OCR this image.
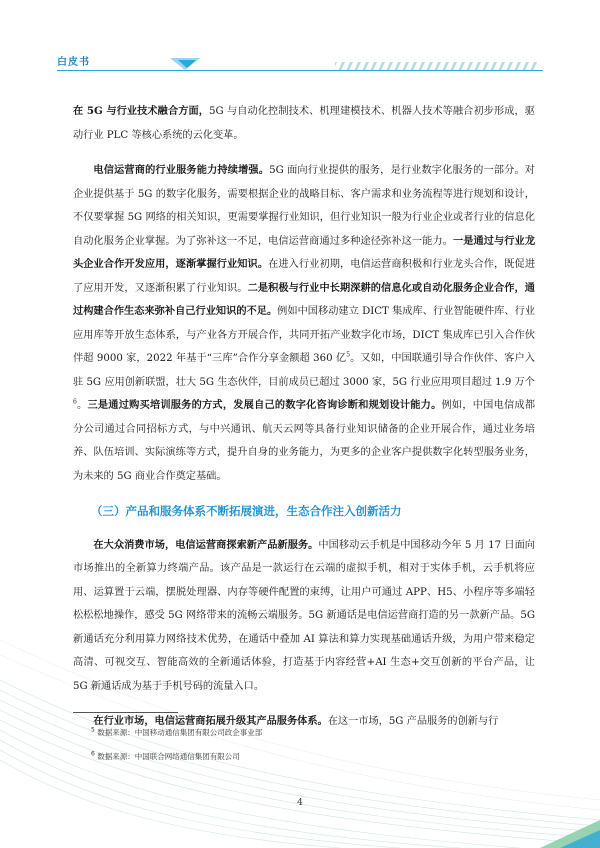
白皮书

在 5G 与行业技术融合方面，5G 与自动化控制技术、机理建模技术、机器人技术等融合初步形成，驱动行业 PLC 等核心系统的云化变革。

电信运营商的行业服务能力持续增强。5G 面向行业提供的服务，是行业数字化服务的一部分。对企业提供基于 5G 的数字化服务，需要根据企业的战略目标、客户需求和业务流程等进行规划和设计，不仅要掌握 5G 网络的相关知识，更需要掌握行业知识，但行业知识一般为行业企业或者行业的信息化自动化服务企业掌握。为了弥补这一不足，电信运营商通过多种途径弥补这一能力。一是通过与行业龙头企业合作开发应用，逐渐掌握行业知识。在进入行业初期，电信运营商积极和行业龙头合作，既促进了应用开发，又逐渐积累了行业知识。二是积极与行业中长期深耕的信息化或自动化服务企业合作，通过构建合作生态来弥补自己行业知识的不足。例如中国移动建立 DICT 集成库、行业智能硬件库、行业应用库等开放生态体系，与产业各方开展合作，共同开拓产业数字化市场，DICT 集成库已引入合作伙伴超 9000 家，2022 年基于“三库”合作分享金额超 360 亿$^5$。又如，中国联通引导合作伙伴、客户入驻 5G 应用创新联盟，壮大 5G 生态伙伴，目前成员已超过 3000 家，5G 行业应用项目超过 1.9 万个$^6$。三是通过购买培训服务的方式，发展自己的数字化咨询诊断和规划设计能力。例如，中国电信成都分公司通过合同招标方式，与中兴通讯、航天云网等具备行业知识储备的企业开展合作，通过业务培养、队伍培训、实际演练等方式，提升自身的业务能力，为更多的企业客户提供数字化转型服务业务，为未来的 5G 商业合作奠定基础。

（三）产品和服务体系不断拓展演进，生态合作注入创新活力

在大众消费市场，电信运营商探索新产品新服务。中国移动云手机是中国移动今年 5 月 17 日面向市场推出的全新算力终端产品。该产品是一款运行在云端的虚拟手机，相对于实体手机，云手机将应用、运算置于云端，摆脱处理器、内存等硬件配置的束缚，让用户可通过 APP、H5、小程序等多端轻松松松地操作，感受 5G 网络带来的流畅云端服务。5G 新通话是电信运营商打造的另一款新产品。5G 新通话充分利用算力网络技术优势，在通话中叠加 AI 算法和算力实现基础通话升级，为用户带来稳定高清、可视交互、智能高效的全新通话体验，打造基于内容经营+AI 生态+交互创新的平台产品，让 5G 新通话成为基于手机号码的流量入口。

在行业市场，电信运营商拓展升级其产品服务体系。在这一市场，5G 产品服务的创新与行

$^5$ 数据来源：中国移动通信集团有限公司政企事业部
$^6$ 数据来源：中国联合网络通信集团有限公司
4
